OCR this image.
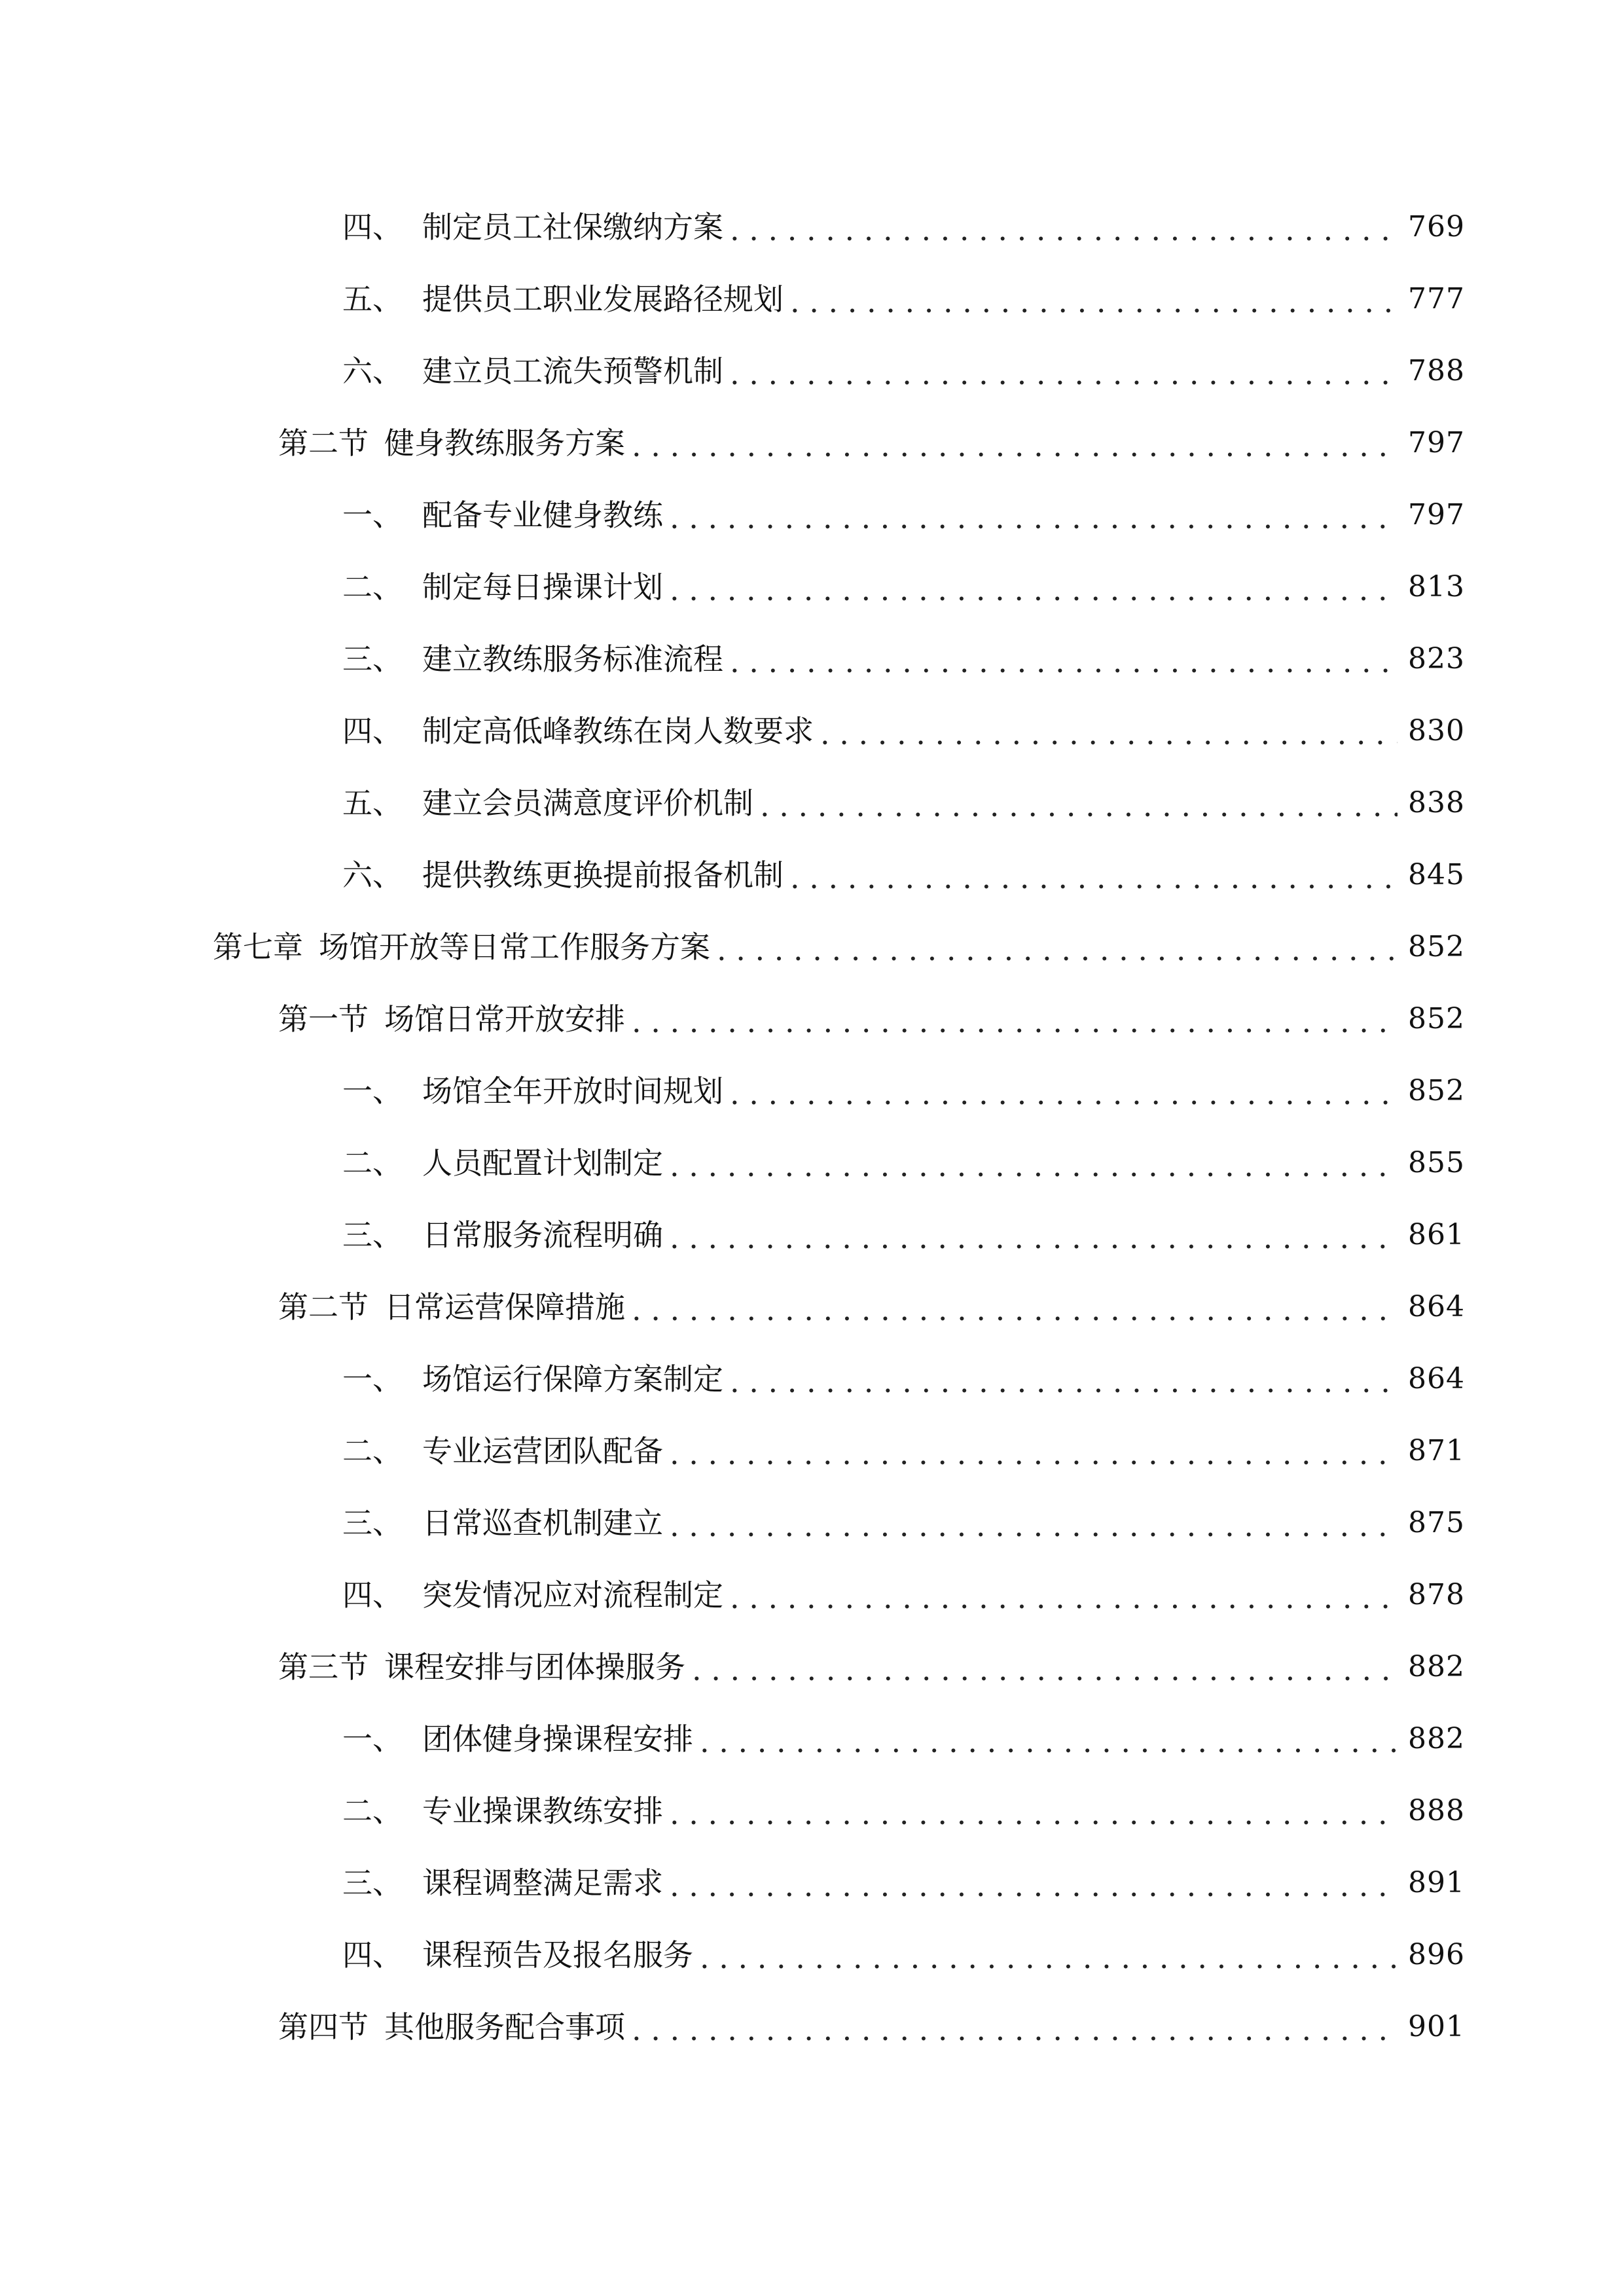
四、 制定员工社保缴纳方案 . . .	769
五、 提供员工职业发展路径规划 . . .	777
六、 建立员工流失预警机制 . . .	788
第二节 健身教练服务方案 . . .	797
一、 配备专业健身教练 . . .	797
二、 制定每日操课计划 . . .	813
三、 建立教练服务标准流程 . . .	823
四、 制定高低峰教练在岗人数要求 . . .	830
五、 建立会员满意度评价机制 . . .	838
六、 提供教练更换提前报备机制 . . .	845
第七章 场馆开放等日常工作服务方案 . . .	852
第一节 场馆日常开放安排 . . .	852
一、 场馆全年开放时间规划 . . .	852
二、 人员配置计划制定 . . .	855
三、 日常服务流程明确 . . .	861
第二节 日常运营保障措施 . . .	864
一、 场馆运行保障方案制定 . . .	864
二、 专业运营团队配备 . . .	871
三、 日常巡查机制建立 . . .	875
四、 突发情况应对流程制定 . . .	878
第三节 课程安排与团体操服务 . . .	882
一、 团体健身操课程安排 . . .	882
二、 专业操课教练安排 . . .	888
三、 课程调整满足需求 . . .	891
四、 课程预告及报名服务 . . .	896
第四节 其他服务配合事项 . . .	901
